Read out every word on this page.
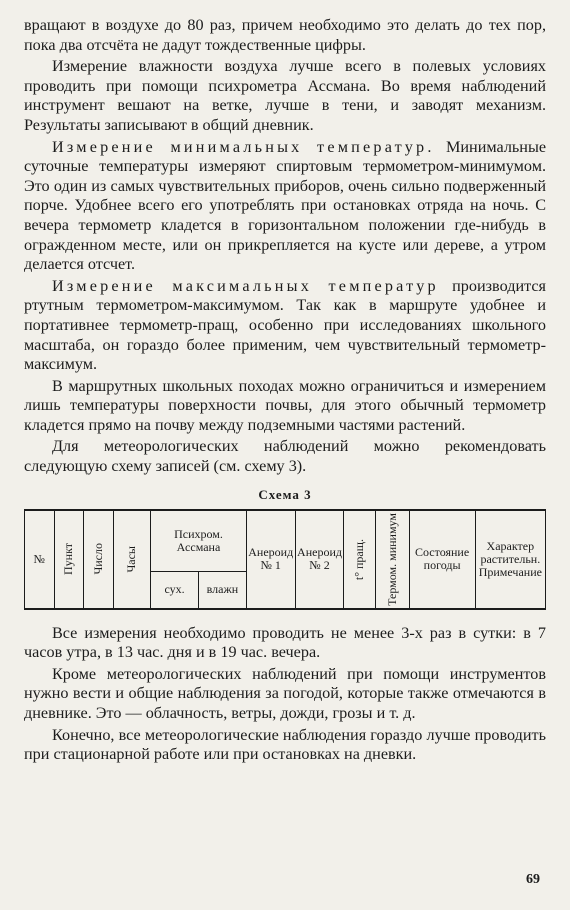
вращают в воздухе до 80 раз, причем необходимо это делать до тех пор, пока два отсчёта не дадут тождественные цифры.

Измерение влажности воздуха лучше всего в полевых условиях проводить при помощи психрометра Ассмана. Во время наблюдений инструмент вешают на ветке, лучше в тени, и заводят механизм. Результаты записывают в общий дневник.

Измерение минимальных температур. Минимальные суточные температуры измеряют спиртовым термометром-минимумом. Это один из самых чувствительных приборов, очень сильно подверженный порче. Удобнее всего его употреблять при остановках отряда на ночь. С вечера термометр кладется в горизонтальном положении где-нибудь в огражденном месте, или он прикрепляется на кусте или дереве, а утром делается отсчет.

Измерение максимальных температур производится ртутным термометром-максимумом. Так как в маршруте удобнее и портативнее термометр-пращ, особенно при исследованиях школьного масштаба, он гораздо более применим, чем чувствительный термометр-максимум.

В маршрутных школьных походах можно ограничиться и измерением лишь температуры поверхности почвы, для этого обычный термометр кладется прямо на почву между подземными частями растений.

Для метеорологических наблюдений можно рекомендовать следующую схему записей (см. схему 3).

Схема 3
№	Пункт	Число	Часы	Психром. Ассмана		Анероид № 1	Анероид № 2	t° пращ.	Термом. минимум	Состояние погоды	Характер растительн. Примечание
				сух.	влажн						

Все измерения необходимо проводить не менее 3-х раз в сутки: в 7 часов утра, в 13 час. дня и в 19 час. вечера.

Кроме метеорологических наблюдений при помощи инструментов нужно вести и общие наблюдения за погодой, которые также отмечаются в дневнике. Это — облачность, ветры, дожди, грозы и т. д.

Конечно, все метеорологические наблюдения гораздо лучше проводить при стационарной работе или при остановках на дневки.

69
